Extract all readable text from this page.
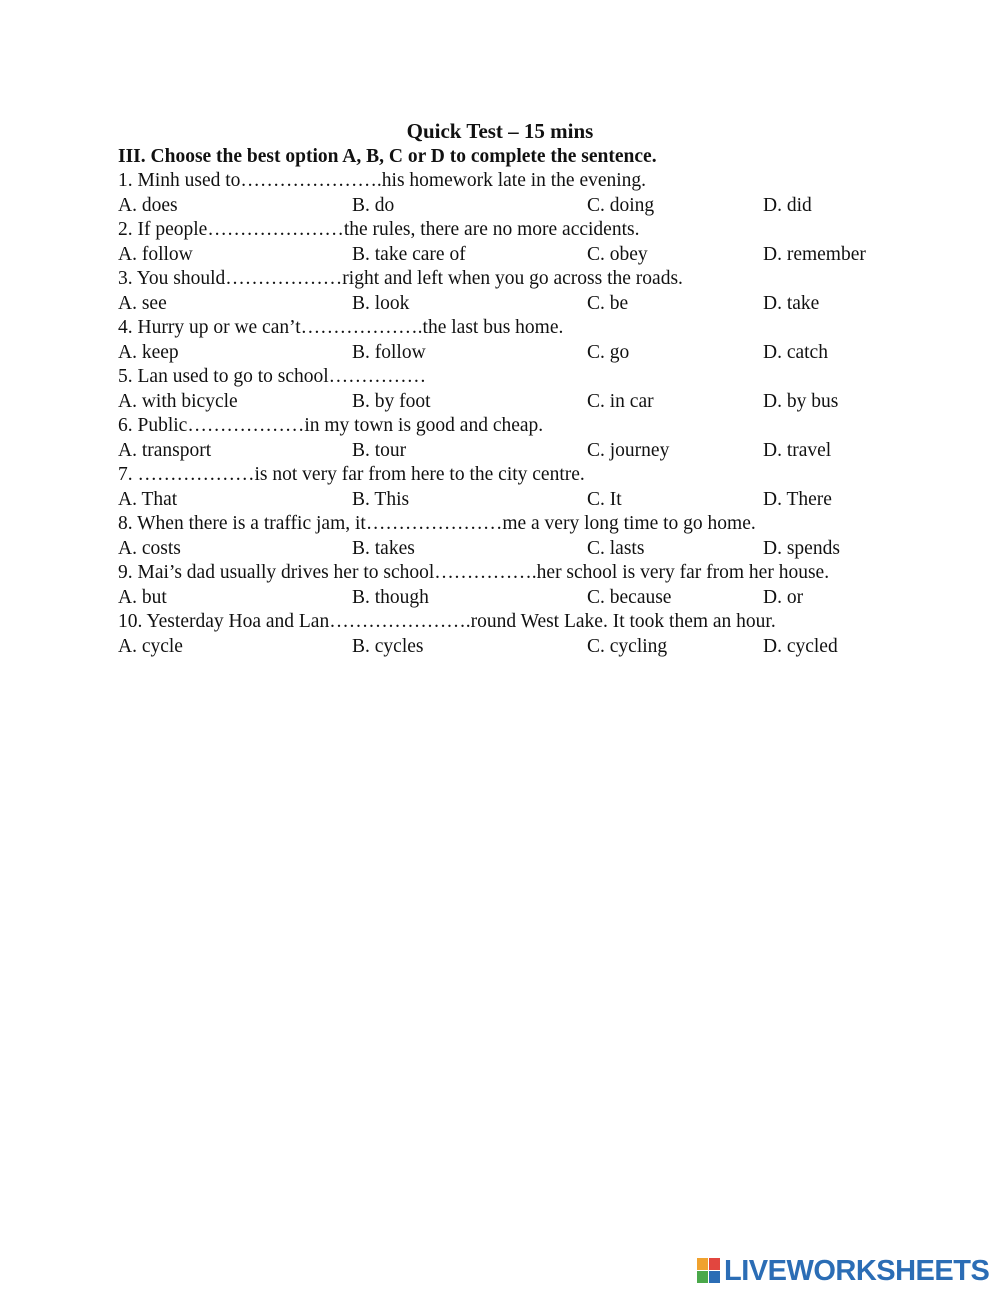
Quick Test – 15 mins
III. Choose the best option A, B, C or D to complete the sentence.
1. Minh used to………………….his homework late in the evening.
A. does	B. do	C. doing	D. did
2. If people…………………the rules, there are no more accidents.
A. follow	B. take care of	C. obey	D. remember
3. You should………………right and left when you go across the roads.
A. see	B. look	C. be	D. take
4. Hurry up or we can’t……………….the last bus home.
A. keep	B. follow	C. go	D. catch
5. Lan used to go to school……………
A. with bicycle	B. by foot	C. in car	D. by bus
6. Public………………in my town is good and cheap.
A. transport	B. tour	C. journey	D. travel
7. ………………is not very far from here to the city centre.
A. That	B. This	C. It	D. There
8. When there is a traffic jam, it…………………me a very long time to go home.
A. costs	B. takes	C. lasts	D. spends
9. Mai’s dad usually drives her to school…………….her school is very far from her house.
A. but	B. though	C. because	D. or
10. Yesterday Hoa and Lan………………….round West Lake. It took them an hour.
A. cycle	B. cycles	C. cycling	D. cycled
LIVEWORKSHEETS
